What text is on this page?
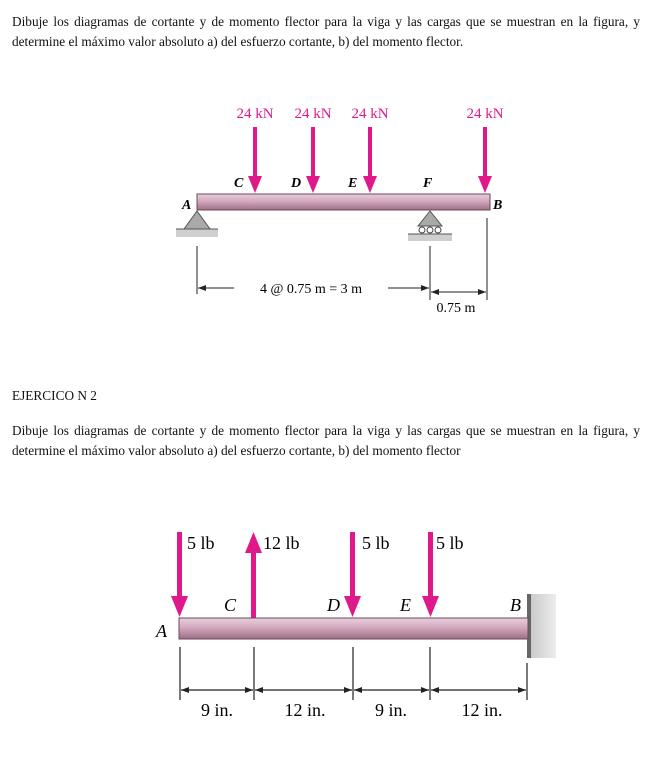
Dibuje los diagramas de cortante y de momento flector para la viga y las cargas que se muestran en la figura, y determine el máximo valor absoluto a) del esfuerzo cortante, b) del momento flector.

EJERCICO N 2

Dibuje los diagramas de cortante y de momento flector para la viga y las cargas que se muestran en la figura, y determine el máximo valor absoluto a) del esfuerzo cortante, b) del momento flector

24 kN 24 kN 24 kN	24 kN
A
C	D	E	F
B
4 @ 0.75 m = 3 m
0.75 m
5 lb	12 lb	5 lb	5 lb
A
C	D	E	B
9 in.	12 in.	9 in.	12 in.
